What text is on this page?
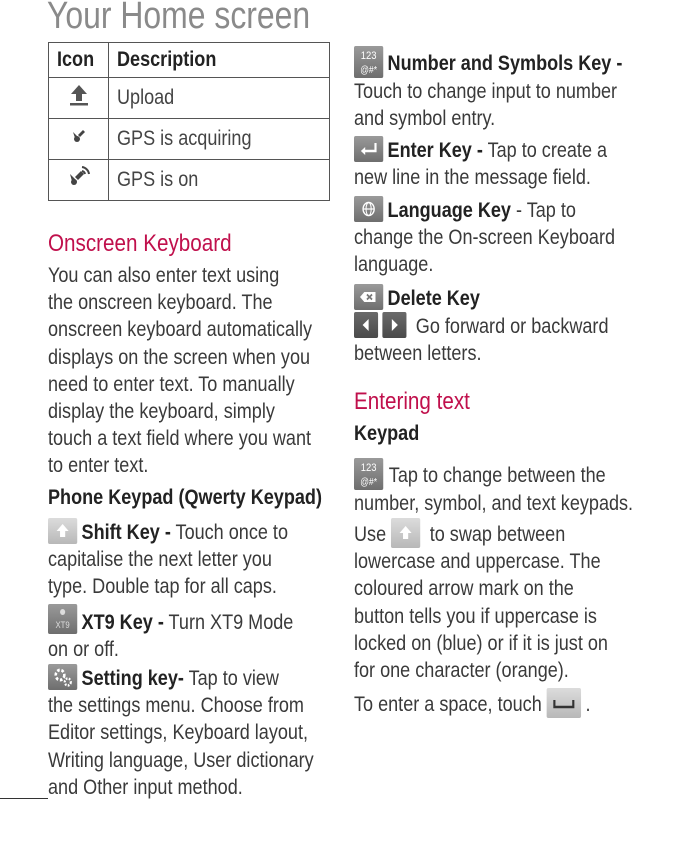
Your Home screen
Icon	Description
	Upload
	GPS is acquiring
	GPS is on
Onscreen Keyboard
You can also enter text using
the onscreen keyboard. The
onscreen keyboard automatically
displays on the screen when you
need to enter text. To manually
display the keyboard, simply
touch a text field where you want
to enter text.
Phone Keypad (Qwerty Keypad)
Shift Key - Touch once to
capitalise the next letter you
type. Double tap for all caps.
XT9 XT9 Key - Turn XT9 Mode
on or off.
Setting key- Tap to view
the settings menu. Choose from
Editor settings, Keyboard layout,
Writing language, User dictionary
and Other input method.
123
@#* Number and Symbols Key -
Touch to change input to number
and symbol entry.
Enter Key - Tap to create a
new line in the message field.
Language Key - Tap to
change the On-screen Keyboard
language.
Delete Key
Go forward or backward
between letters.
Entering text
Keypad
123
@#* Tap to change between the
number, symbol, and text keypads.
Use
to swap between
lowercase and uppercase. The
coloured arrow mark on the
button tells you if uppercase is
locked on (blue) or if it is just on
for one character (orange).
To enter a space, touch .
